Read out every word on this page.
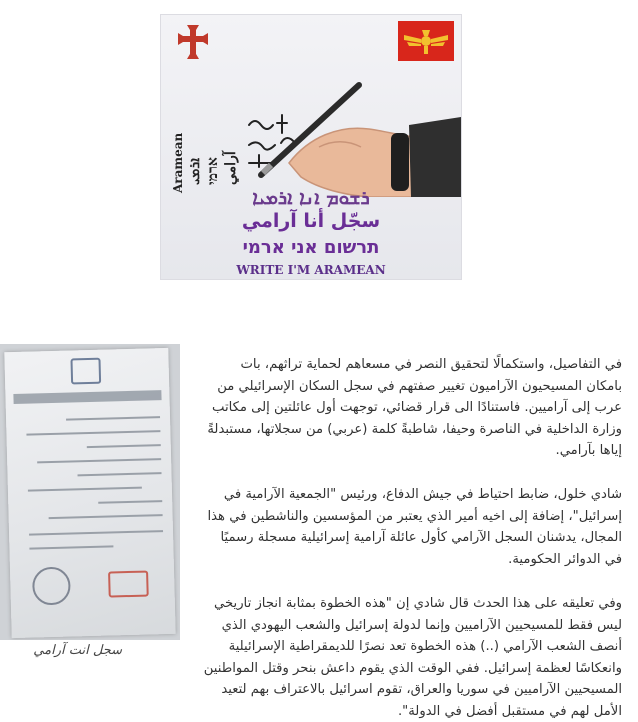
Aramean ܐܪܡܝ ארמי آرامي
ܪܫܘܡ ܐܢܐ ܐܪܡܝܐ
سجّل أنا آرامي
תרשום אני ארמי
WRITE I'M ARAMEAN
سجل انت آرامي

في التفاصيل، واستكمالًا لتحقيق النصر في مسعاهم لحماية تراثهم، بات بامكان المسيحيون الآراميون تغيير صفتهم في سجل السكان الإسرائيلي من عرب إلى آراميين. فاستنادًا الى قرار قضائي، توجهت أول عائلتين إلى مكاتب وزارة الداخلية في الناصرة وحيفا، شاطبةً كلمة (عربي) من سجلاتها، مستبدلةً إياها بآرامي.

شادي خلول، ضابط احتياط في جيش الدفاع، ورئيس "الجمعية الآرامية في إسرائيل"، إضافة إلى اخيه أمير الذي يعتبر من المؤسسين والناشطين في هذا المجال، يدشنان السجل الآرامي كأول عائلة آرامية إسرائيلية مسجلة رسميًا في الدوائر الحكومية.

وفي تعليقه على هذا الحدث قال شادي إن "هذه الخطوة بمثابة انجاز تاريخي ليس فقط للمسيحيين الآراميين وإنما لدولة إسرائيل والشعب اليهودي الذي أنصف الشعب الآرامي (..) هذه الخطوة تعد نصرًا للديمقراطية الإسرائيلية وانعكاسًا لعظمة إسرائيل. ففي الوقت الذي يقوم داعش بنحر وقتل المواطنين المسيحيين الآراميين في سوريا والعراق، تقوم اسرائيل بالاعتراف بهم لتعيد الأمل لهم في مستقبل أفضل في الدولة".
